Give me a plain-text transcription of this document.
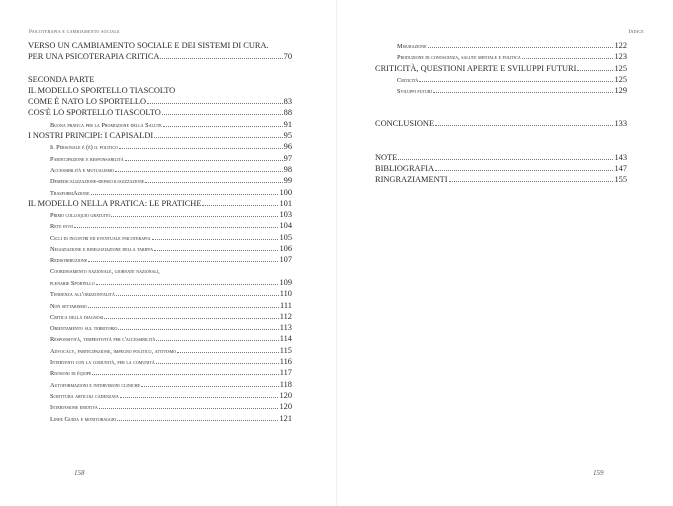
Psicoterapia e cambiamento sociale
VERSO UN CAMBIAMENTO SOCIALE E DEI SISTEMI DI CURA.
PER UNA PSICOTERAPIA CRITICA	70
SECONDA PARTE
IL MODELLO SPORTELLO TIASCOLTO
COME È NATO LO SPORTELLO	83
COS'È LO SPORTELLO TIASCOLTO	88
Buona pratica per la Promozione della Salute	91
I NOSTRI PRINCIPI: I CAPISALDI	95
Il Personale è (è) il politico	96
Partecipazione e responsabilità	97
Accessibilità e mutualismo	98
Demedicalizzazione-depsicologizzazione	99
TrasformAzione	100
IL MODELLO NELLA PRATICA: LE PRATICHE	101
Primo colloquio gratuito	103
Rete invii	104
Cicli di incontri ed eventuale psicoterapia	105
Negoziazione e rinegoziazione della tariffa	106
Redistribuzione	107
Coordinamento nazionale, giornate nazionali,
plenarie Sportello	109
Tendenza all'orizzontalità	110
Non settarismo	111
Critica della diagnosi	112
Orientamento sul territorio	113
Responsività, tempestività per l'accessibilità	114
Advocacy, partecipazione, impegno politico, attivismo	115
Interventi con la comunità, per la comunità	116
Riunioni di équipe	117
Autoformazioni e intervisioni cliniche	118
Scrittura articoli cadenzata	120
Intervisione emotiva	120
Linee Guida e monitoraggio	121
158
Indice
Misurazione	122
Produzione di conoscenza, salute mentale e politica	123
CRITICITÀ, QUESTIONI APERTE E SVILUPPI FUTURI	125
Criticità	125
Sviluppi futuri	129
CONCLUSIONE	133
NOTE	143
BIBLIOGRAFIA	147
RINGRAZIAMENTI	155
159
